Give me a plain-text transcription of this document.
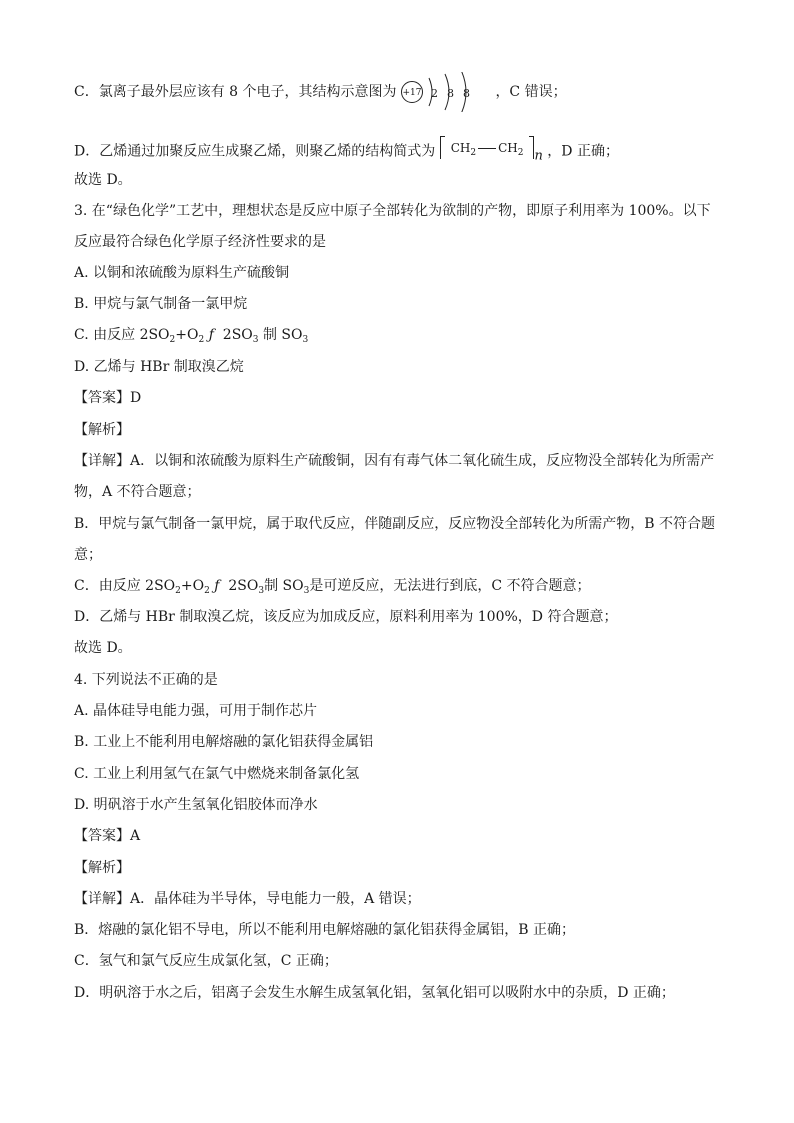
C．氯离子最外层应该有 8 个电子，其结构示意图为 +17 2 8 8 ，C 错误；
D．乙烯通过加聚反应生成聚乙烯，则聚乙烯的结构简式为 $CH_2$ $CH_2$ n ，D 正确；
故选 D。
3. 在“绿色化学”工艺中，理想状态是反应中原子全部转化为欲制的产物，即原子利用率为 100%。以下
反应最符合绿色化学原子经济性要求的是
A. 以铜和浓硫酸为原料生产硫酸铜
B. 甲烷与氯气制备一氯甲烷
C. 由反应 $2SO_2+O_2$ ƒ $2SO_3$ 制 $SO_3$
D. 乙烯与 HBr 制取溴乙烷
【答案】D
【解析】
【详解】A．以铜和浓硫酸为原料生产硫酸铜，因有有毒气体二氧化硫生成，反应物没全部转化为所需产
物，A 不符合题意；
B．甲烷与氯气制备一氯甲烷，属于取代反应，伴随副反应，反应物没全部转化为所需产物，B 不符合题
意；
C．由反应 $2SO_2+O_2$ ƒ $2SO_3$制 $SO_3$是可逆反应，无法进行到底，C 不符合题意；
D．乙烯与 HBr 制取溴乙烷，该反应为加成反应，原料利用率为 100%，D 符合题意；
故选 D。
4. 下列说法不正确的是
A. 晶体硅导电能力强，可用于制作芯片
B. 工业上不能利用电解熔融的氯化铝获得金属铝
C. 工业上利用氢气在氯气中燃烧来制备氯化氢
D. 明矾溶于水产生氢氧化铝胶体而净水
【答案】A
【解析】
【详解】A．晶体硅为半导体，导电能力一般，A 错误；
B．熔融的氯化铝不导电，所以不能利用电解熔融的氯化铝获得金属铝，B 正确；
C．氢气和氯气反应生成氯化氢，C 正确；
D．明矾溶于水之后，铝离子会发生水解生成氢氧化铝，氢氧化铝可以吸附水中的杂质，D 正确；
